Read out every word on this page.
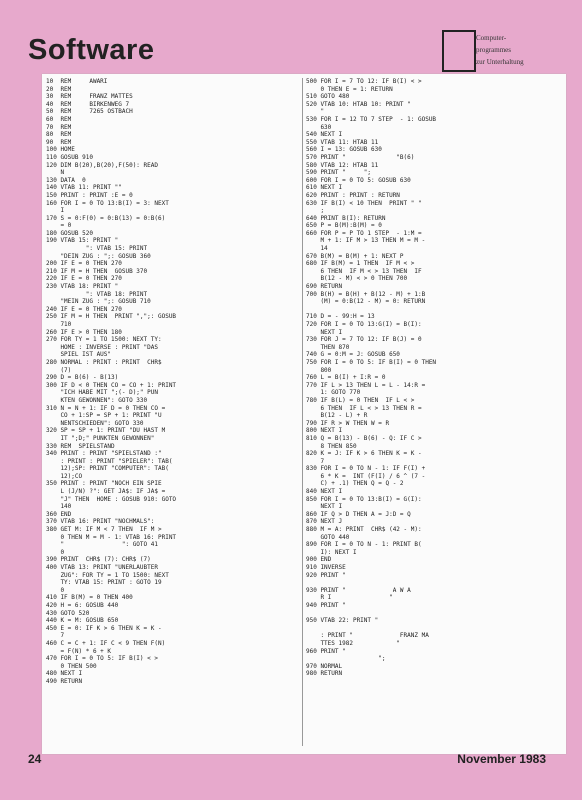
Software	Computer-
programmes
zur Unterhaltung
10  REM     AWARI
20  REM
30  REM     FRANZ MATTES
40  REM     BIRKENWEG 7
50  REM     7265 OSTBACH
60  REM
70  REM
80  REM
90  REM
100 HOME
110 GOSUB 910
120 DIM B(20),B(20),F(50): READ
N
130 DATA  0
140 VTAB 11: PRINT ""
150 PRINT : PRINT :E = 0
160 FOR I = 0 TO 13:B(I) = 3: NEXT
I
170 S = 0:F(0) = 0:B(13) = 0:B(6)
= 0
180 GOSUB 520
190 VTAB 15: PRINT "
": VTAB 15: PRINT
"DEIN ZUG : ";: GOSUB 360
200 IF E = 0 THEN 270
210 IF M = H THEN  GOSUB 370
220 IF E = 0 THEN 270
230 VTAB 18: PRINT "
": VTAB 18: PRINT
"MEIN ZUG : ";: GOSUB 710
240 IF E = 0 THEN 270
250 IF M = H THEN  PRINT ",";: GOSUB
710
260 IF E > 0 THEN 180
270 FOR TY = 1 TO 1500: NEXT TY:
HOME : INVERSE : PRINT "DAS
SPIEL IST AUS"
280 NORMAL : PRINT : PRINT  CHR$
(7)
290 D = B(6) - B(13)
300 IF D < 0 THEN CO = CO + 1: PRINT
"ICH HABE MIT ";(- D);" PUN
KTEN GEWONNEN": GOTO 330
310 N = N + 1: IF D = 0 THEN CO =
CO + 1:SP = SP + 1: PRINT "U
NENTSCHIEDEN": GOTO 330
320 SP = SP + 1: PRINT "DU HAST M
IT ";D;" PUNKTEN GEWONNEN"
330 REM  SPIELSTAND
340 PRINT : PRINT "SPIELSTAND :"
: PRINT : PRINT "SPIELER": TAB(
12);SP: PRINT "COMPUTER": TAB(
12);CO
350 PRINT : PRINT "NOCH EIN SPIE
L (J/N) ?": GET JA$: IF JA$ =
"J" THEN  HOME : GOSUB 910: GOTO
140
360 END
370 VTAB 16: PRINT "NOCHMALS":
380 GET M: IF M < 7 THEN  IF M >
0 THEN M = M - 1: VTAB 16: PRINT
"                ": GOTO 41
0
390 PRINT  CHR$ (7): CHR$ (7)
400 VTAB 13: PRINT "UNERLAUBTER
ZUG": FOR TY = 1 TO 1500: NEXT
TY: VTAB 15: PRINT : GOTO 19
0
410 IF B(M) = 0 THEN 400
420 H = 6: GOSUB 440
430 GOTO 520
440 K = M: GOSUB 650
450 E = 0: IF K > 6 THEN K = K -
7
460 C = C + 1: IF C < 9 THEN F(N)
= F(N) * 6 + K
470 FOR I = 0 TO 5: IF B(I) < >
0 THEN 500
480 NEXT I
490 RETURN
500 FOR I = 7 TO 12: IF B(I) < >
0 THEN E = 1: RETURN
510 GOTO 480
520 VTAB 10: HTAB 10: PRINT "
"
530 FOR I = 12 TO 7 STEP  - 1: GOSUB
630
540 NEXT I
550 VTAB 11: HTAB 11
560 I = 13: GOSUB 630
570 PRINT "              "B(6)
580 VTAB 12: HTAB 11
590 PRINT "     ";
600 FOR I = 0 TO 5: GOSUB 630
610 NEXT I
620 PRINT : PRINT : RETURN
630 IF B(I) < 10 THEN  PRINT " "
;
640 PRINT B(I): RETURN
650 P = B(M):B(M) = 0
660 FOR P = P TO 1 STEP  - 1:M =
M + 1: IF M > 13 THEN M = M -
14
670 B(M) = B(M) + 1: NEXT P
680 IF B(M) = 1 THEN  IF M < >
6 THEN  IF M < > 13 THEN  IF
B(12 - M) < > 0 THEN 700
690 RETURN
700 B(H) = B(H) + B(12 - M) + 1:B
(M) = 0:B(12 - M) = 0: RETURN
710 D = - 99:H = 13
720 FOR I = 0 TO 13:G(I) = B(I):
NEXT I
730 FOR J = 7 TO 12: IF B(J) = 0
THEN 870
740 G = 0:M = J: GOSUB 650
750 FOR I = 0 TO 5: IF B(I) = 0 THEN
800
760 L = B(I) + I:R = 0
770 IF L > 13 THEN L = L - 14:R =
1: GOTO 770
780 IF B(L) = 0 THEN  IF L < >
6 THEN  IF L < > 13 THEN R =
B(12 - L) + R
790 IF R > W THEN W = R
800 NEXT I
810 Q = B(13) - B(6) - Q: IF C >
8 THEN 850
820 K = J: IF K > 6 THEN K = K -
7
830 FOR I = 0 TO N - 1: IF F(I) +
6 * K =  INT (F(I) / 6 ^ (7 -
C) + .1) THEN Q = Q - 2
840 NEXT I
850 FOR I = 0 TO 13:B(I) = G(I):
NEXT I
860 IF Q > D THEN A = J:D = Q
870 NEXT J
880 M = A: PRINT  CHR$ (42 - M):
GOTO 440
890 FOR I = 0 TO N - 1: PRINT B(
I): NEXT I
900 END
910 INVERSE
920 PRINT "
930 PRINT "             A W A
R I                "
940 PRINT "
950 VTAB 22: PRINT "
: PRINT "             FRANZ MA
TTES 1982            "
960 PRINT "
";
970 NORMAL
980 RETURN
24	November 1983
